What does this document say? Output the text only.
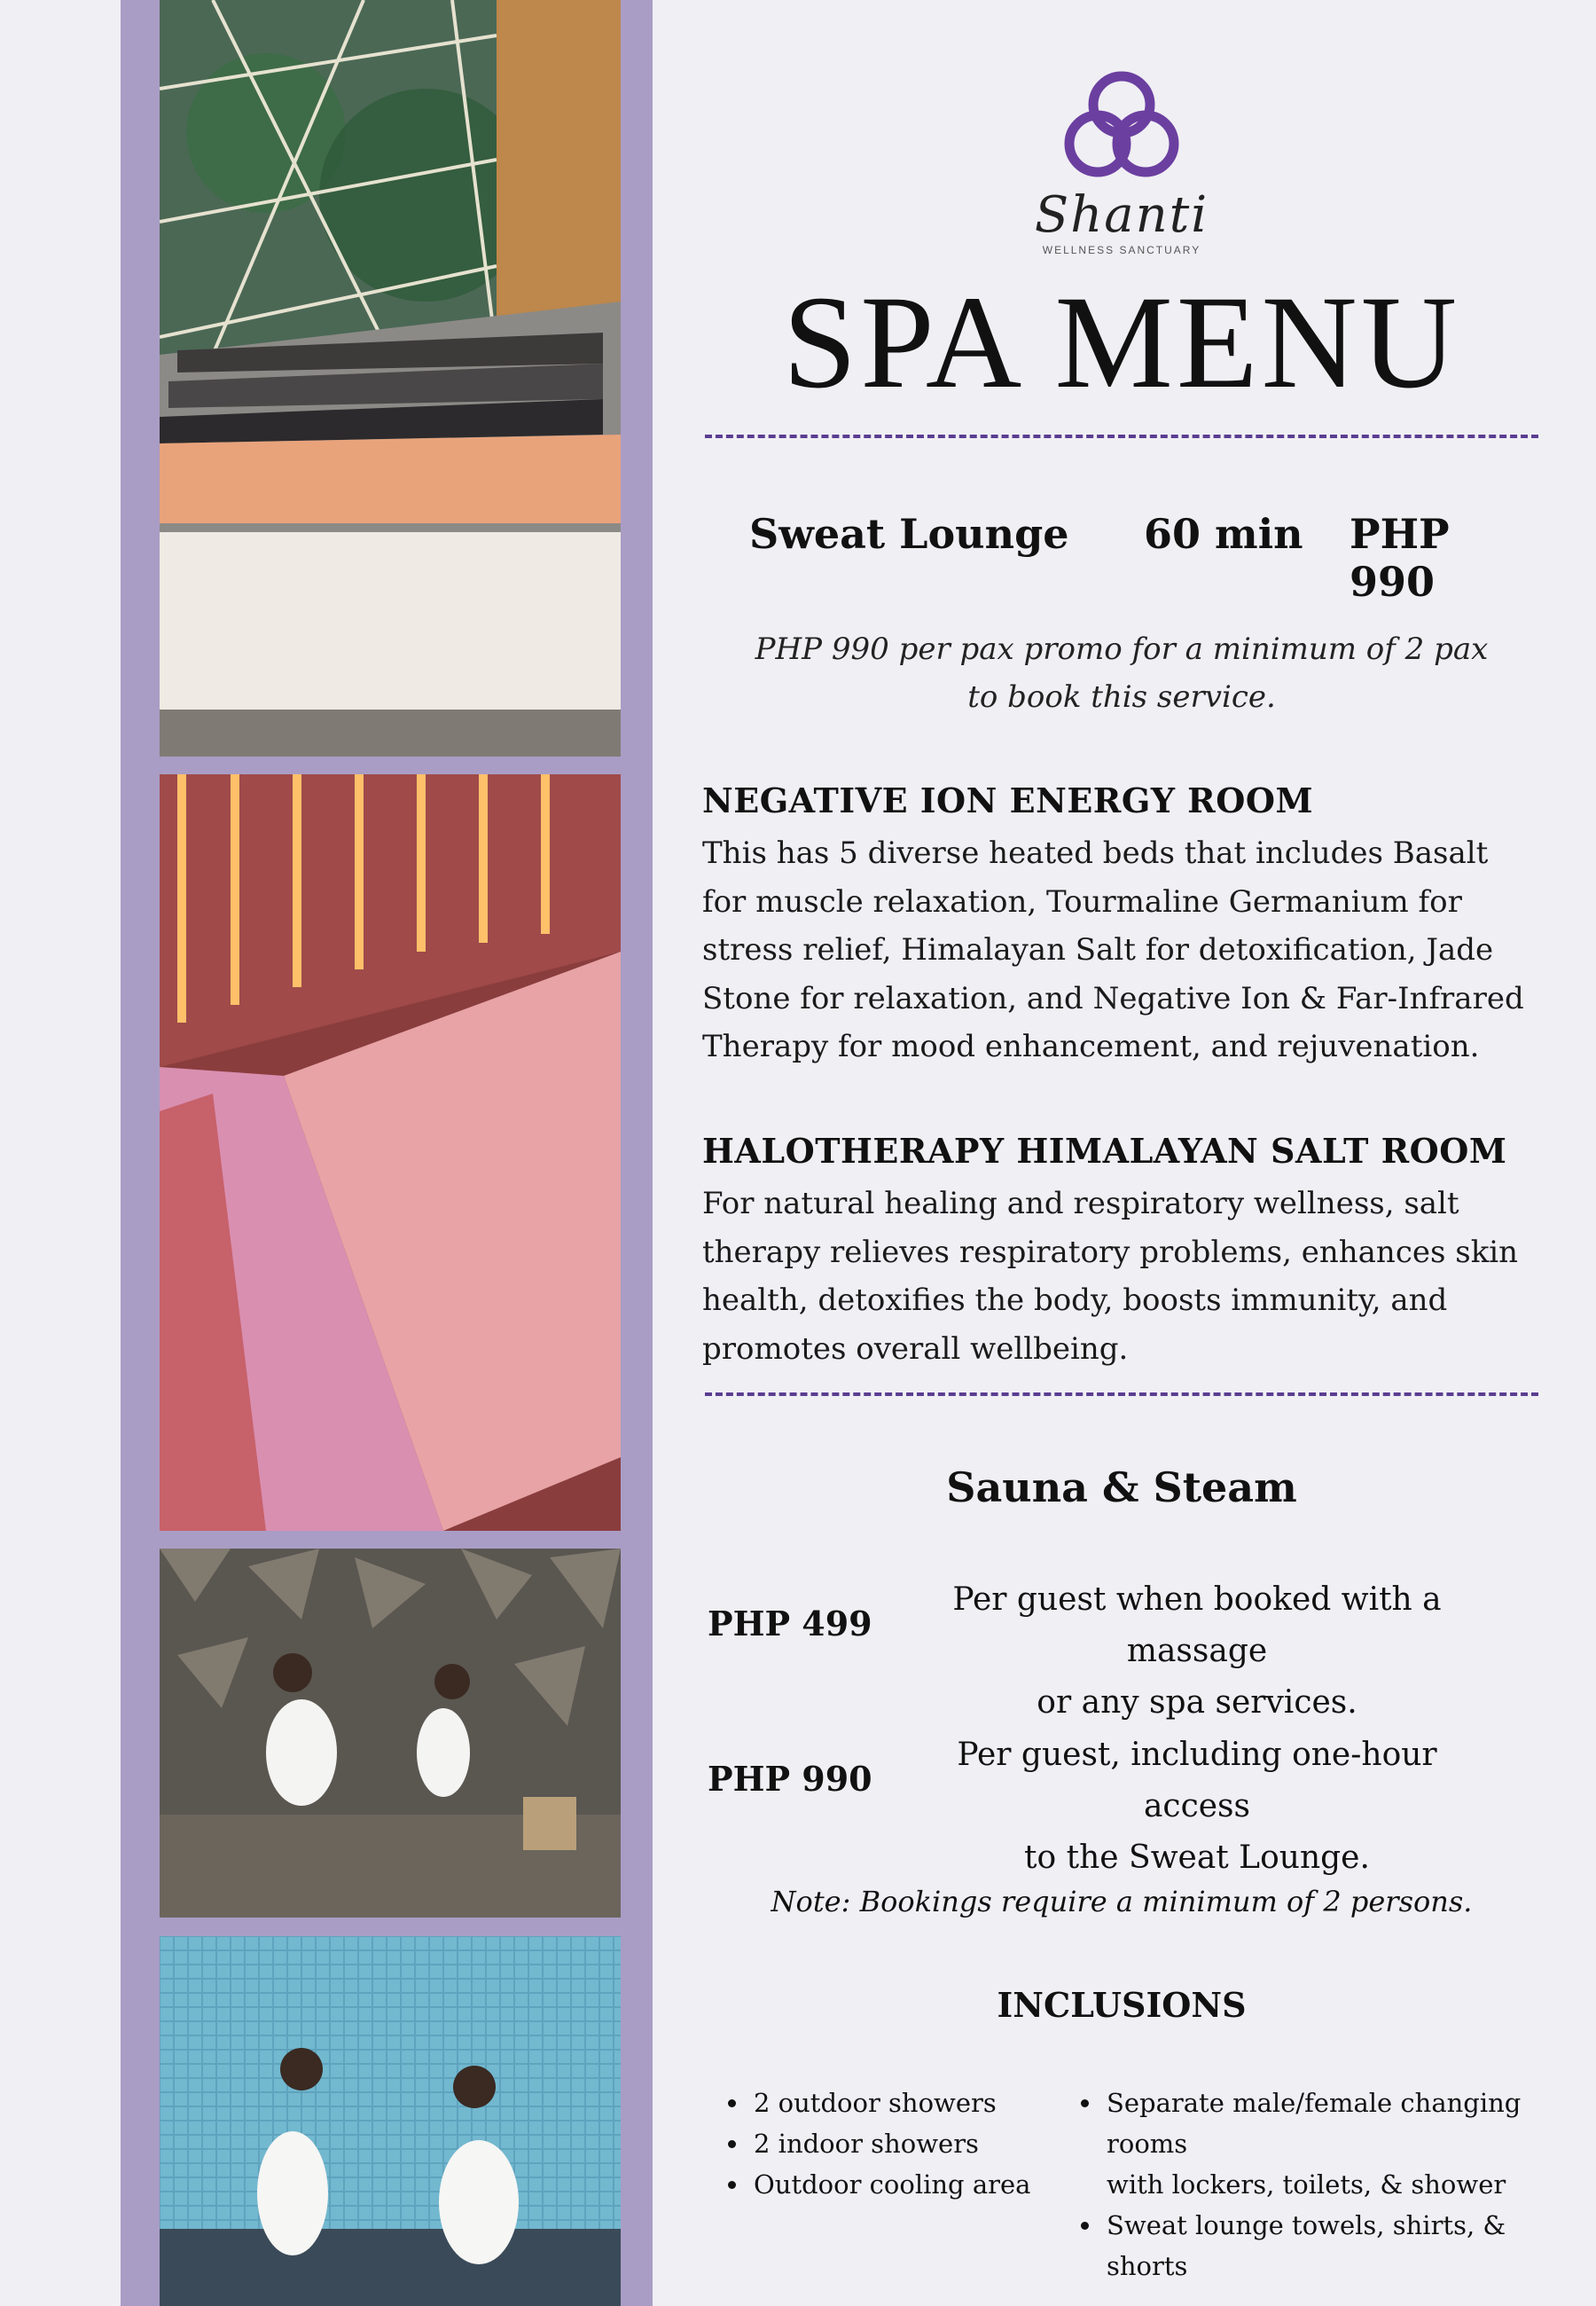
Shanti
WELLNESS SANCTUARY
SPA MENU
Sweat Lounge 60 min PHP 990
PHP 990 per pax promo for a minimum of 2 pax
to book this service.
NEGATIVE ION ENERGY ROOM
This has 5 diverse heated beds that includes Basalt for muscle relaxation, Tourmaline Germanium for stress relief, Himalayan Salt for detoxification, Jade Stone for relaxation, and Negative Ion & Far-Infrared Therapy for mood enhancement, and rejuvenation.
HALOTHERAPY HIMALAYAN SALT ROOM
For natural healing and respiratory wellness, salt therapy relieves respiratory problems, enhances skin health, detoxifies the body, boosts immunity, and promotes overall wellbeing.
Sauna & Steam
PHP 499
Per guest when booked with a massage
or any spa services.
PHP 990
Per guest, including one-hour access
to the Sweat Lounge.
Note: Bookings require a minimum of 2 persons.
INCLUSIONS
• 2 outdoor showers
• 2 indoor showers
• Outdoor cooling area
• Separate male/female changing rooms
with lockers, toilets, & shower
• Sweat lounge towels, shirts, & shorts
